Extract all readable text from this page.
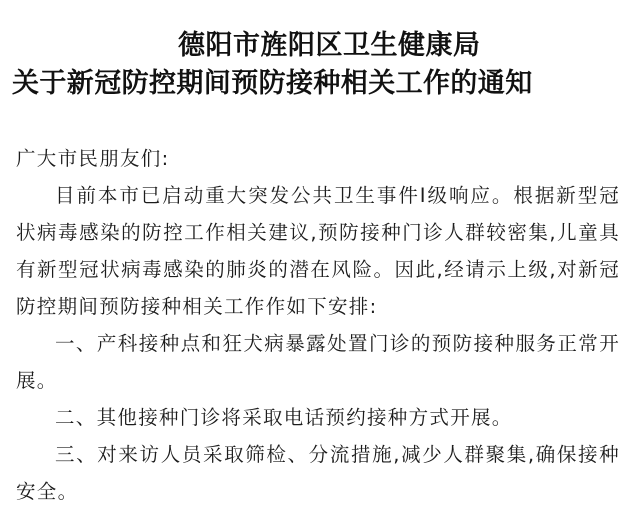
德阳市旌阳区卫生健康局
关于新冠防控期间预防接种相关工作的通知

广大市民朋友们:

目前本市已启动重大突发公共卫生事件Ⅰ级响应。根据新型冠状病毒感染的防控工作相关建议,预防接种门诊人群较密集,儿童具有新型冠状病毒感染的肺炎的潜在风险。因此,经请示上级,对新冠防控期间预防接种相关工作作如下安排:

一、产科接种点和狂犬病暴露处置门诊的预防接种服务正常开展。

二、其他接种门诊将采取电话预约接种方式开展。

三、对来访人员采取筛检、分流措施,减少人群聚集,确保接种安全。
